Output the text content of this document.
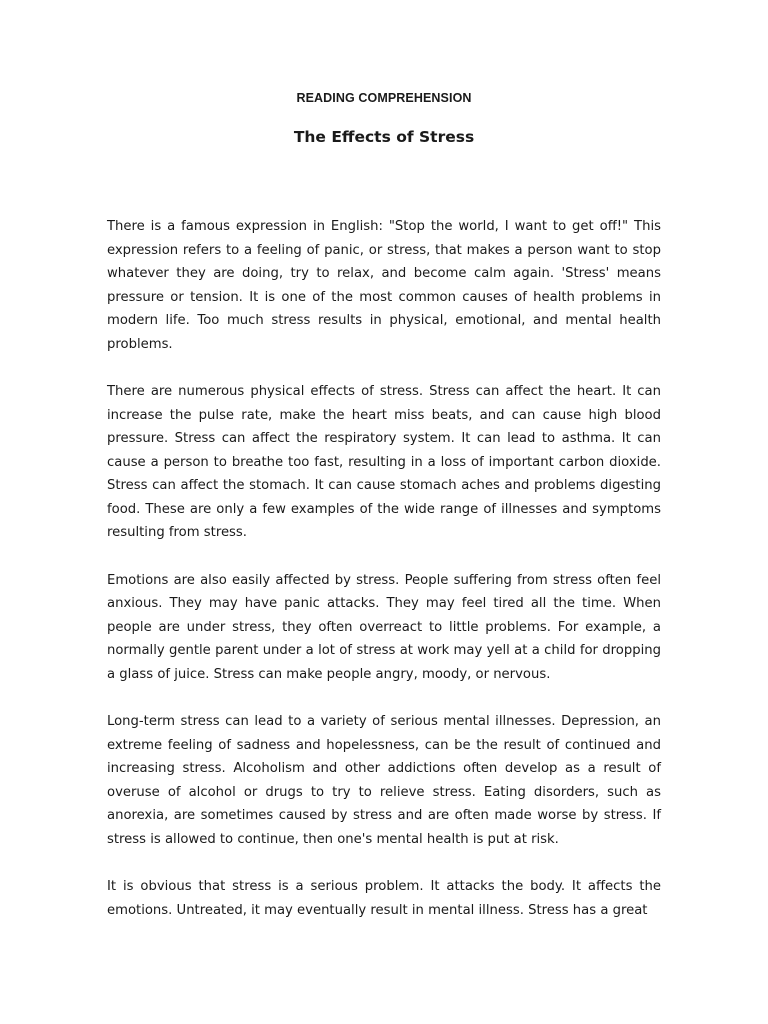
READING COMPREHENSION
The Effects of Stress

There is a famous expression in English: "Stop the world, I want to get off!" This expression refers to a feeling of panic, or stress, that makes a person want to stop whatever they are doing, try to relax, and become calm again. 'Stress' means pressure or tension. It is one of the most common causes of health problems in modern life. Too much stress results in physical, emotional, and mental health problems.

There are numerous physical effects of stress. Stress can affect the heart. It can increase the pulse rate, make the heart miss beats, and can cause high blood pressure. Stress can affect the respiratory system. It can lead to asthma. It can cause a person to breathe too fast, resulting in a loss of important carbon dioxide. Stress can affect the stomach. It can cause stomach aches and problems digesting food. These are only a few examples of the wide range of illnesses and symptoms resulting from stress.

Emotions are also easily affected by stress. People suffering from stress often feel anxious. They may have panic attacks. They may feel tired all the time. When people are under stress, they often overreact to little problems. For example, a normally gentle parent under a lot of stress at work may yell at a child for dropping a glass of juice. Stress can make people angry, moody, or nervous.

Long-term stress can lead to a variety of serious mental illnesses. Depression, an extreme feeling of sadness and hopelessness, can be the result of continued and increasing stress. Alcoholism and other addictions often develop as a result of overuse of alcohol or drugs to try to relieve stress. Eating disorders, such as anorexia, are sometimes caused by stress and are often made worse by stress. If stress is allowed to continue, then one's mental health is put at risk.

It is obvious that stress is a serious problem. It attacks the body. It affects the emotions. Untreated, it may eventually result in mental illness. Stress has a great
